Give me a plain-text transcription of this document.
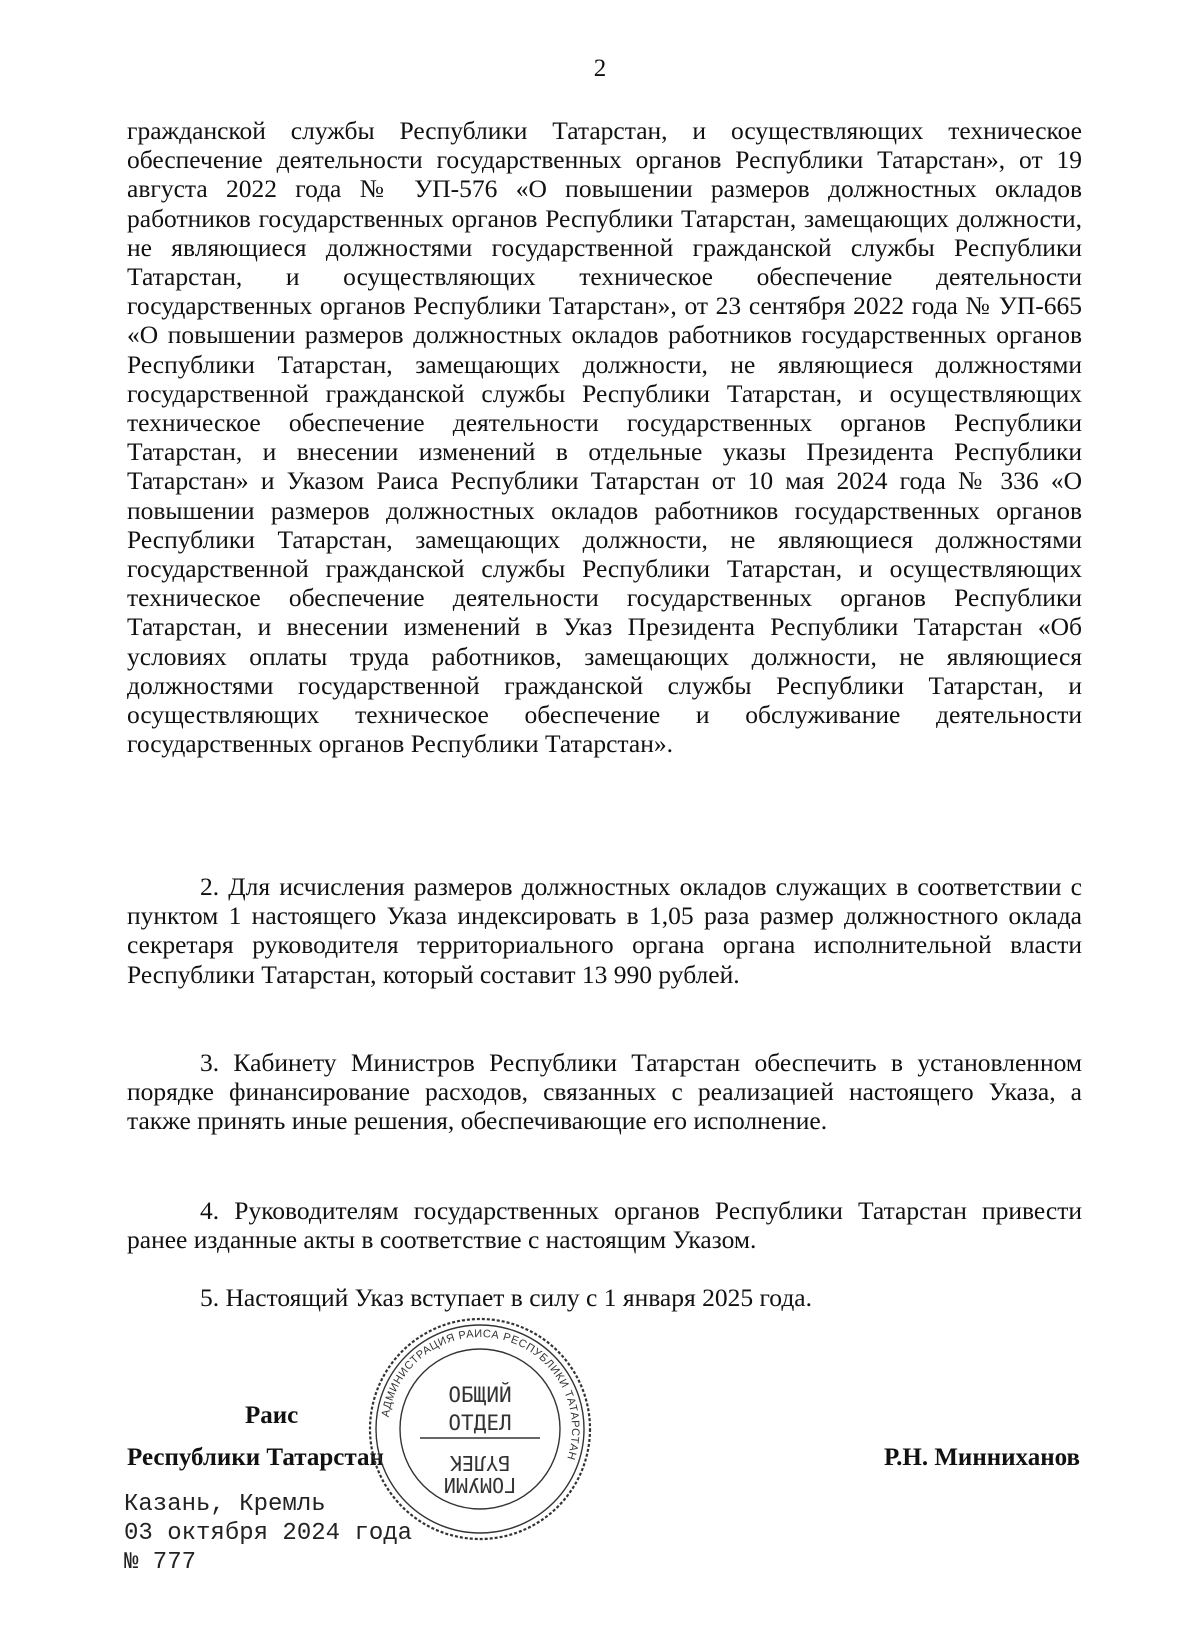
2

гражданской службы Республики Татарстан, и осуществляющих техническое обеспечение деятельности государственных органов Республики Татарстан», от 19 августа 2022 года № УП-576 «О повышении размеров должностных окладов работников государственных органов Республики Татарстан, замещающих должности, не являющиеся должностями государственной гражданской службы Республики Татарстан, и осуществляющих техническое обеспечение деятельности государственных органов Республики Татарстан», от 23 сентября 2022 года № УП-665 «О повышении размеров должностных окладов работников государственных органов Республики Татарстан, замещающих должности, не являющиеся должностями государственной гражданской службы Республики Татарстан, и осуществляющих техническое обеспечение деятельности государственных органов Республики Татарстан, и внесении изменений в отдельные указы Президента Республики Татарстан» и Указом Раиса Республики Татарстан от 10 мая 2024 года № 336 «О повышении размеров должностных окладов работников государственных органов Республики Татарстан, замещающих должности, не являющиеся должностями государственной гражданской службы Республики Татарстан, и осуществляющих техническое обеспечение деятельности государственных органов Республики Татарстан, и внесении изменений в Указ Президента Республики Татарстан «Об условиях оплаты труда работников, замещающих должности, не являющиеся должностями государственной гражданской службы Республики Татарстан, и осуществляющих техническое обеспечение и обслуживание деятельности государственных органов Республики Татарстан».

2. Для исчисления размеров должностных окладов служащих в соответствии с пунктом 1 настоящего Указа индексировать в 1,05 раза размер должностного оклада секретаря руководителя территориального органа органа исполнительной власти Республики Татарстан, который составит 13 990 рублей.

3. Кабинету Министров Республики Татарстан обеспечить в установленном порядке финансирование расходов, связанных с реализацией настоящего Указа, а также принять иные решения, обеспечивающие его исполнение.

4. Руководителям государственных органов Республики Татарстан привести ранее изданные акты в соответствие с настоящим Указом.

5. Настоящий Указ вступает в силу с 1 января 2025 года.

Раис
Республики Татарстан	Р.Н. Минниханов
Казань, Кремль
03 октября 2024 года
№ 777
АДМИНИСТРАЦИЯ РАИСА РЕСПУБЛИКИ ТАТАРСТАН
ОБЩИЙ
ОТДЕЛ
БҮЛЕК
ГОМУМИ
